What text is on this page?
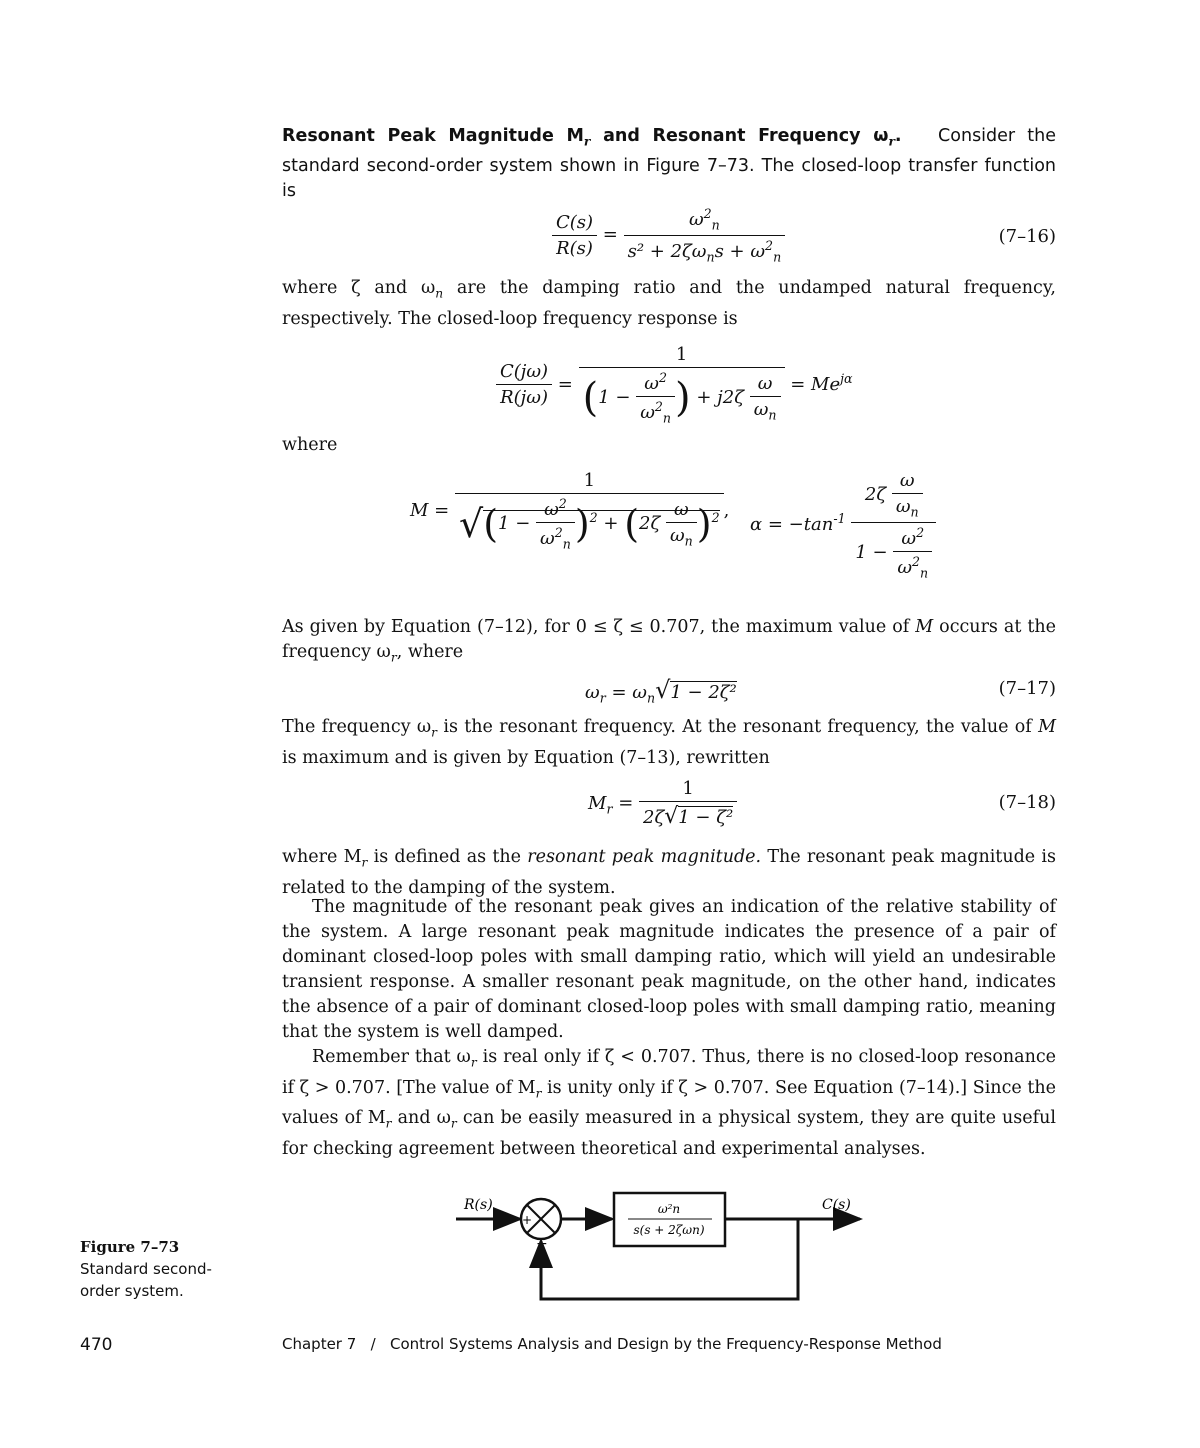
Resonant Peak Magnitude $M_r$ and Resonant Frequency $\omega_r$. Consider the standard second-order system shown in Figure 7–73. The closed-loop transfer function is
$\frac{C(s)}{R(s)} = \frac{\omega^2_n}{s^2 + 2\zeta\omega_ns + \omega^2_n}$	(7–16)
where ζ and $\omega_n$ are the damping ratio and the undamped natural frequency, respectively. The closed-loop frequency response is
$\frac{C(j\omega)}{R(j\omega)} = \frac{1}{(1 - \frac{\omega^2}{\omega^2_n} ) + j2\zeta \frac{\omega}{\omega_n}} = Me^{j\alpha}$
where
$M = \frac{1}{√(1 - \frac{\omega^2}{\omega^2_n} )^2 + (2\zeta \frac{\omega}{\omega_n} )^2}$ ,
$\alpha = -\tan^{-1} \frac{2\zeta \frac{\omega}{\omega_n}}{1 - \frac{\omega^2}{\omega^2_n}}$
As given by Equation (7–12), for 0 ≤ ζ ≤ 0.707, the maximum value of M occurs at the frequency $\omega_r$, where
$\omega_r = \omega_n√1 - 2\zeta^2$	(7–17)
The frequency $\omega_r$ is the resonant frequency. At the resonant frequency, the value of M is maximum and is given by Equation (7–13), rewritten
$M_r = \frac{1}{\text{2ζ√1 − ζ²}}$	(7–18)
where $M_r$ is defined as the resonant peak magnitude. The resonant peak magnitude is related to the damping of the system.
The magnitude of the resonant peak gives an indication of the relative stability of the system. A large resonant peak magnitude indicates the presence of a pair of dominant closed-loop poles with small damping ratio, which will yield an undesirable transient response. A smaller resonant peak magnitude, on the other hand, indicates the absence of a pair of dominant closed-loop poles with small damping ratio, meaning that the system is well damped.
Remember that $\omega_r$ is real only if ζ < 0.707. Thus, there is no closed-loop resonance if ζ > 0.707. [The value of $M_r$ is unity only if ζ > 0.707. See Equation (7–14).] Since the values of $M_r$ and $\omega_r$ can be easily measured in a physical system, they are quite useful for checking agreement between theoretical and experimental analyses.
R(s)
+
−
ω²n
s(s + 2ζωn)
C(s)
Figure 7–73
Standard second-order system.
470	Chapter 7 / Control Systems Analysis and Design by the Frequency-Response Method
